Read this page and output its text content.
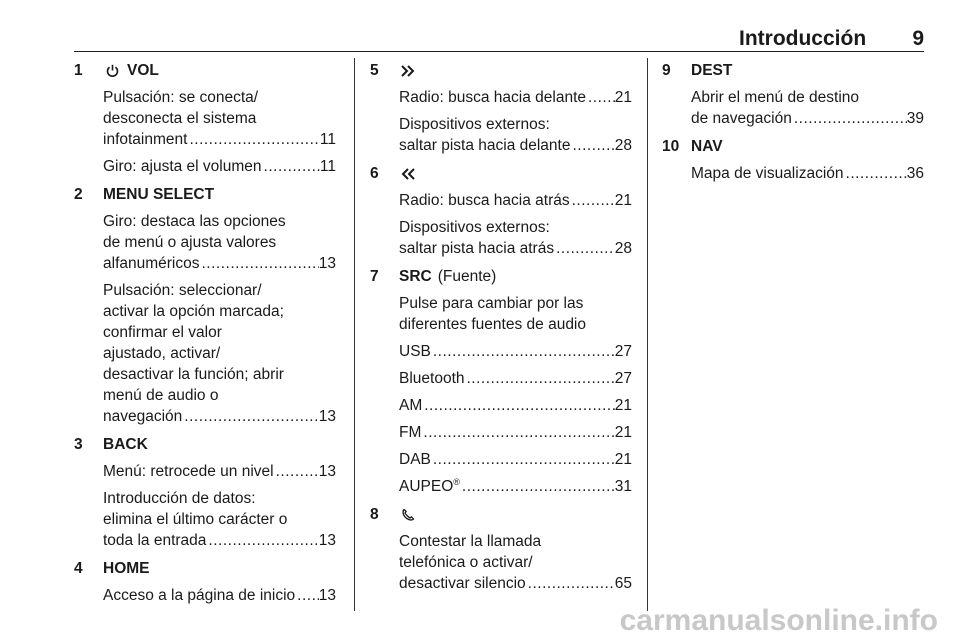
Introducción 9
1	VOL
Pulsación: se conecta/
desconecta el sistema
infotainment .....	11
Giro: ajusta el volumen .....	11
2	MENU SELECT
Giro: destaca las opciones
de menú o ajusta valores
alfanuméricos .....	13
Pulsación: seleccionar/
activar la opción marcada;
confirmar el valor
ajustado, activar/
desactivar la función; abrir
menú de audio o
navegación .....	13
3	BACK
Menú: retrocede un nivel .....	13
Introducción de datos:
elimina el último carácter o
toda la entrada .....	13
4	HOME
Acceso a la página de inicio ..... 13
5
Radio: busca hacia delante ..... 21
Dispositivos externos:
saltar pista hacia delante .....	28
6
Radio: busca hacia atrás .....	21
Dispositivos externos:
saltar pista hacia atrás .....	28
7	SRC (Fuente)
Pulse para cambiar por las
diferentes fuentes de audio
USB .....	27
Bluetooth .....	27
AM .....	21
FM .....	21
DAB .....	21
AUPEO® .....	31
8
Contestar la llamada
telefónica o activar/
desactivar silencio .....	65
9	DEST
Abrir el menú de destino
de navegación .....	39
10 NAV
Mapa de visualización .....	36
carmanualsonline.info
